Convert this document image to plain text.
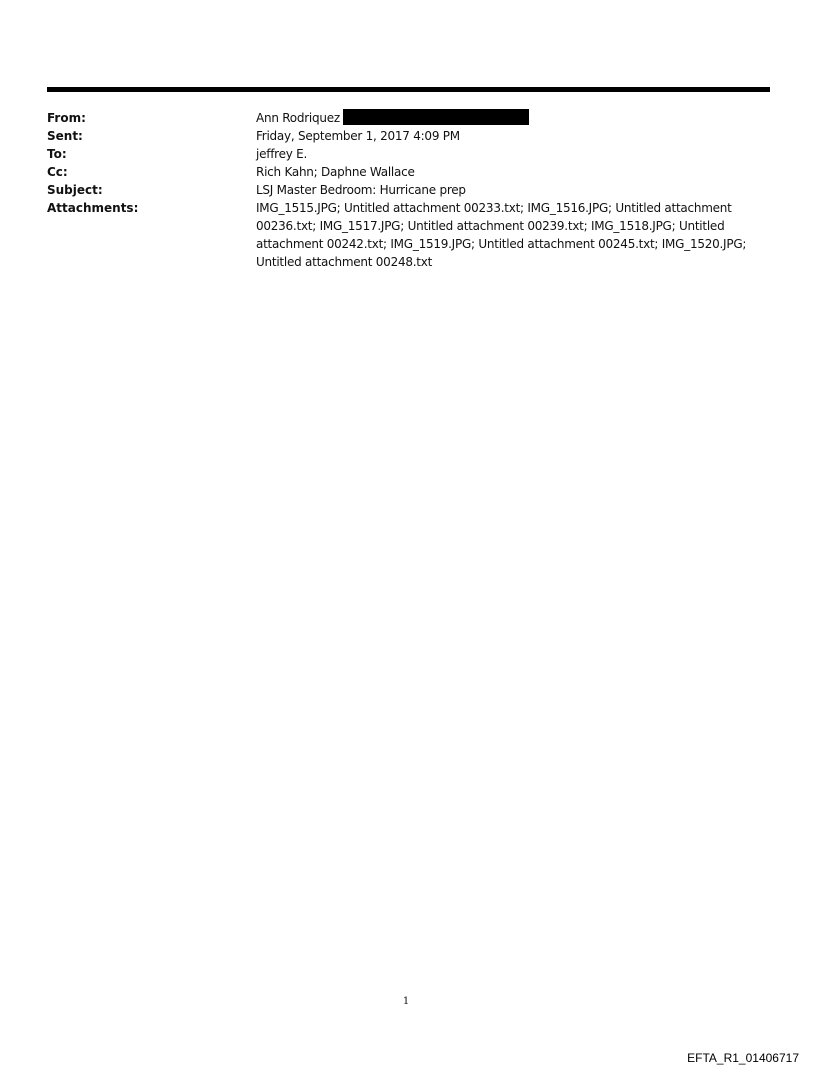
From:	Ann Rodriquez
Sent:	Friday, September 1, 2017 4:09 PM
To:	jeffrey E.
Cc:	Rich Kahn; Daphne Wallace
Subject:	LSJ Master Bedroom: Hurricane prep
Attachments:	IMG_1515.JPG; Untitled attachment 00233.txt; IMG_1516.JPG; Untitled attachment 00236.txt; IMG_1517.JPG; Untitled attachment 00239.txt; IMG_1518.JPG; Untitled attachment 00242.txt; IMG_1519.JPG; Untitled attachment 00245.txt; IMG_1520.JPG; Untitled attachment 00248.txt
1
EFTA_R1_01406717
